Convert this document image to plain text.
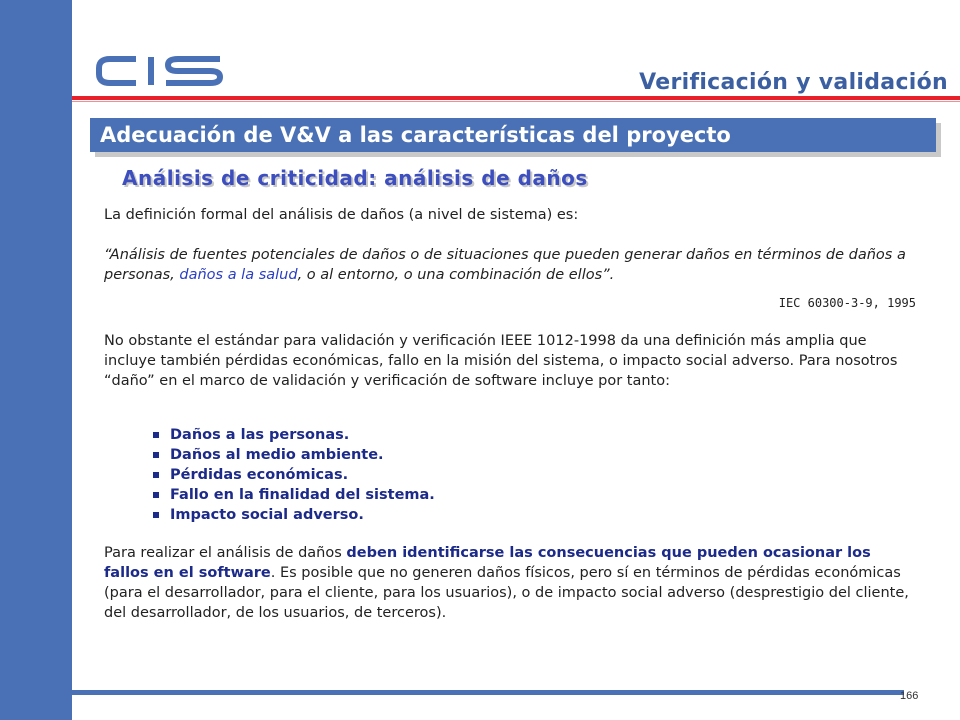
Verificación y validación
Adecuación de V&V a las características del proyecto
Análisis de criticidad: análisis de daños

La definición formal del análisis de daños (a nivel de sistema) es:

“Análisis de fuentes potenciales de daños o de situaciones que pueden generar daños en términos de daños a personas, daños a la salud, o al entorno, o una combinación de ellos”.

IEC 60300-3-9, 1995

No obstante el estándar para validación y verificación IEEE 1012-1998 da una definición más amplia que incluye también pérdidas económicas, fallo en la misión del sistema, o impacto social adverso. Para nosotros “daño” en el marco de validación y verificación de software incluye por tanto:

Daños a las personas.
Daños al medio ambiente.
Pérdidas económicas.
Fallo en la finalidad del sistema.
Impacto social adverso.

Para realizar el análisis de daños deben identificarse las consecuencias que pueden ocasionar los fallos en el software. Es posible que no generen daños físicos, pero sí en términos de pérdidas económicas (para el desarrollador, para el cliente, para los usuarios), o de impacto social adverso (desprestigio del cliente, del desarrollador, de los usuarios, de terceros).

166
